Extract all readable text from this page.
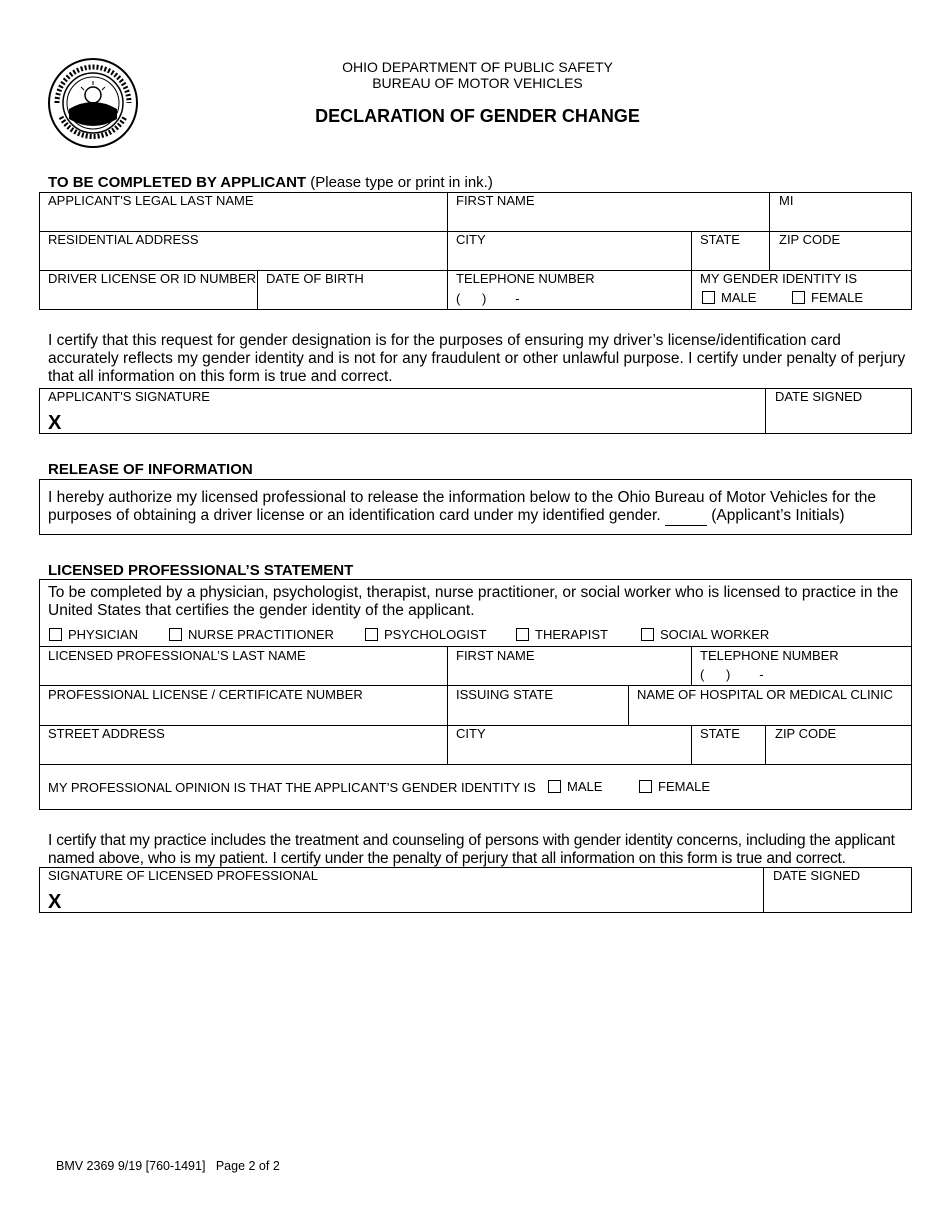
OHIO DEPARTMENT OF PUBLIC SAFETY
BUREAU OF MOTOR VEHICLES
DECLARATION OF GENDER CHANGE
TO BE COMPLETED BY APPLICANT (Please type or print in ink.)
APPLICANT'S LEGAL LAST NAME	FIRST NAME	MI
RESIDENTIAL ADDRESS	CITY	STATE	ZIP CODE
DRIVER LICENSE OR ID NUMBER DATE OF BIRTH	TELEPHONE NUMBER
(      )        -
MY GENDER IDENTITY IS
MALE	FEMALE
I certify that this request for gender designation is for the purposes of ensuring my driver’s license/identification card accurately reflects my gender identity and is not for any fraudulent or other unlawful purpose. I certify under penalty of perjury that all information on this form is true and correct.
APPLICANT'S SIGNATURE
X
DATE SIGNED
RELEASE OF INFORMATION
I hereby authorize my licensed professional to release the information below to the Ohio Bureau of Motor Vehicles for the purposes of obtaining a driver license or an identification card under my identified gender.	(Applicant’s Initials)
LICENSED PROFESSIONAL’S STATEMENT
To be completed by a physician, psychologist, therapist, nurse practitioner, or social worker who is licensed to practice in the United States that certifies the gender identity of the applicant.
PHYSICIAN	NURSE PRACTITIONER	PSYCHOLOGIST	THERAPIST	SOCIAL WORKER
LICENSED PROFESSIONAL’S LAST NAME	FIRST NAME	TELEPHONE NUMBER
(      )        -
PROFESSIONAL LICENSE / CERTIFICATE NUMBER	ISSUING STATE	NAME OF HOSPITAL OR MEDICAL CLINIC
STREET ADDRESS	CITY	STATE	ZIP CODE
MY PROFESSIONAL OPINION IS THAT THE APPLICANT’S GENDER IDENTITY IS MALE	FEMALE
I certify that my practice includes the treatment and counseling of persons with gender identity concerns, including the applicant named above, who is my patient. I certify under the penalty of perjury that all information on this form is true and correct.
SIGNATURE OF LICENSED PROFESSIONAL
X
DATE SIGNED
BMV 2369 9/19 [760-1491]   Page 2 of 2
